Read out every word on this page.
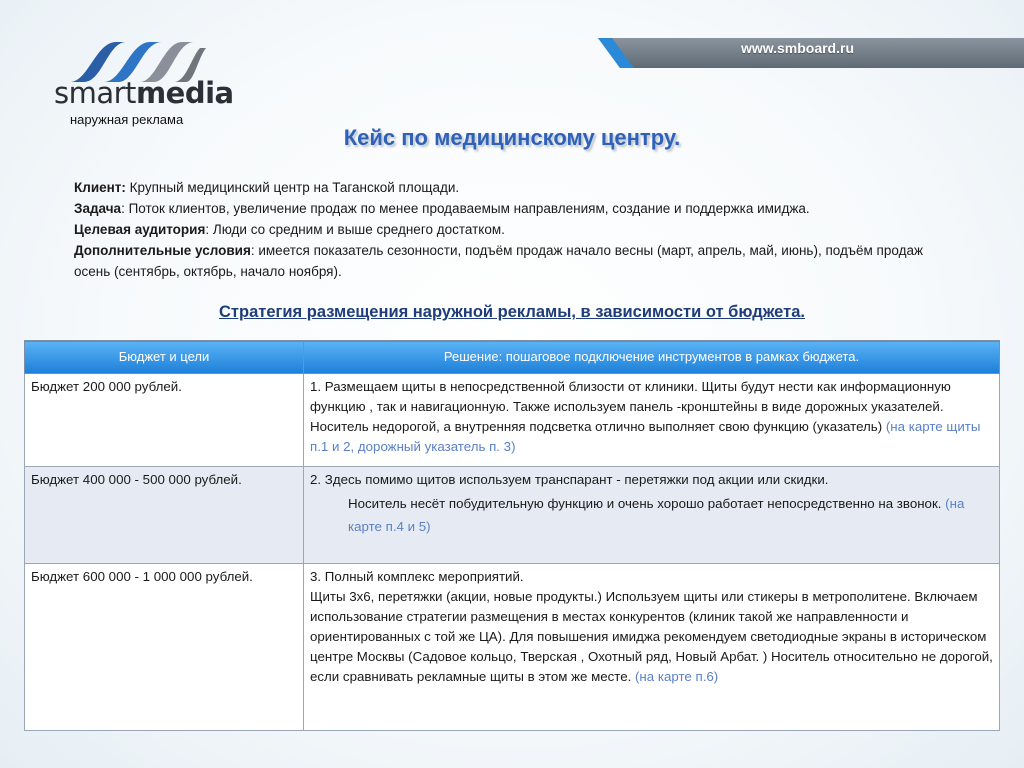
smartmedia
наружная реклама
www.smboard.ru
Кейс по медицинскому центру.
Клиент: Крупный медицинский центр на Таганской площади.
Задача: Поток клиентов, увеличение продаж по менее продаваемым направлениям, создание и поддержка имиджа.
Целевая аудитория: Люди со средним и выше среднего достатком.
Дополнительные условия: имеется показатель сезонности, подъём продаж начало весны (март, апрель, май, июнь), подъём продаж осень (сентябрь, октябрь, начало ноября).
Стратегия размещения наружной рекламы, в зависимости от бюджета.
Бюджет и цели	Решение: пошаговое подключение инструментов в рамках бюджета.
Бюджет 200 000 рублей.	1. Размещаем щиты в непосредственной близости от клиники. Щиты будут нести как информационную функцию , так и навигационную. Также используем панель -кронштейны в виде дорожных указателей. Носитель недорогой, а внутренняя подсветка отлично выполняет свою функцию (указатель) (на карте щиты п.1 и 2, дорожный указатель п. 3)
Бюджет 400 000 - 500 000 рублей.	2. Здесь помимо щитов используем транспарант - перетяжки под акции или скидки.
Носитель несёт побудительную функцию и очень хорошо работает непосредственно на звонок. (на карте п.4 и 5)

Бюджет 600 000 - 1 000 000 рублей.	3. Полный комплекс мероприятий.
Щиты 3х6, перетяжки (акции, новые продукты.) Используем щиты или стикеры в метрополитене. Включаем использование стратегии размещения в местах конкурентов (клиник такой же направленности и ориентированных с той же ЦА). Для повышения имиджа рекомендуем светодиодные экраны в историческом центре Москвы (Садовое кольцо, Тверская , Охотный ряд, Новый Арбат. ) Носитель относительно не дорогой, если сравнивать рекламные щиты в этом же месте. (на карте п.6)
